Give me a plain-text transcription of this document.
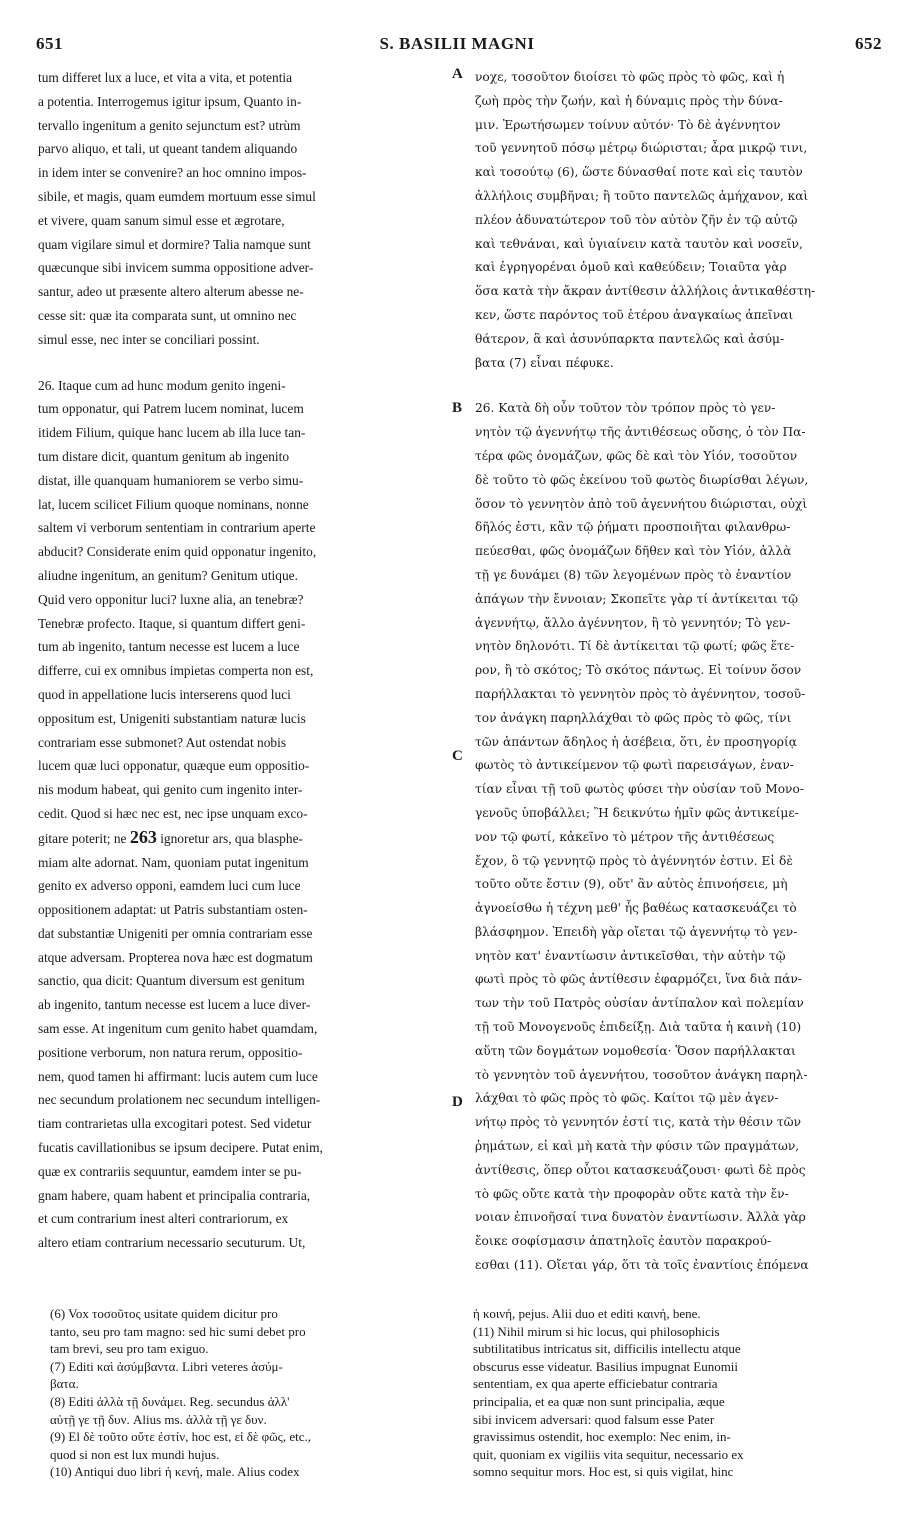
651	S. BASILII MAGNI	652
A
B
C
D

tum differet lux a luce, et vita a vita, et potentia

a potentia. Interrogemus igitur ipsum, Quanto in-

tervallo ingenitum a genito sejunctum est? utrùm

parvo aliquo, et tali, ut queant tandem aliquando

in idem inter se convenire? an hoc omnino impos-

sibile, et magis, quam eumdem mortuum esse simul

et vivere, quam sanum simul esse et ægrotare,

quam vigilare simul et dormire? Talia namque sunt

quæcunque sibi invicem summa oppositione adver-

santur, adeo ut præsente altero alterum abesse ne-

cesse sit: quæ ita comparata sunt, ut omnino nec

simul esse, nec inter se conciliari possint.

26. Itaque cum ad hunc modum genito ingeni-

tum opponatur, qui Patrem lucem nominat, lucem

itidem Filium, quique hanc lucem ab illa luce tan-

tum distare dicit, quantum genitum ab ingenito

distat, ille quanquam humaniorem se verbo simu-

lat, lucem scilicet Filium quoque nominans, nonne

saltem vi verborum sententiam in contrarium aperte

abducit? Considerate enim quid opponatur ingenito,

aliudne ingenitum, an genitum? Genitum utique.

Quid vero opponitur luci? luxne alia, an tenebræ?

Tenebræ profecto. Itaque, si quantum differt geni-

tum ab ingenito, tantum necesse est lucem a luce

differre, cui ex omnibus impietas comperta non est,

quod in appellatione lucis interserens quod luci

oppositum est, Unigeniti substantiam naturæ lucis

contrariam esse submonet? Aut ostendat nobis

lucem quæ luci opponatur, quæque eum oppositio-

nis modum habeat, qui genito cum ingenito inter-

cedit. Quod si hæc nec est, nec ipse unquam exco-

gitare poterit; ne 263 ignoretur ars, qua blasphe-

miam alte adornat. Nam, quoniam putat ingenitum

genito ex adverso opponi, eamdem luci cum luce

oppositionem adaptat: ut Patris substantiam osten-

dat substantiæ Unigeniti per omnia contrariam esse

atque adversam. Propterea nova hæc est dogmatum

sanctio, qua dicit: Quantum diversum est genitum

ab ingenito, tantum necesse est lucem a luce diver-

sam esse. At ingenitum cum genito habet quamdam,

positione verborum, non natura rerum, oppositio-

nem, quod tamen hi affirmant: lucis autem cum luce

nec secundum prolationem nec secundum intelligen-

tiam contrarietas ulla excogitari potest. Sed videtur

fucatis cavillationibus se ipsum decipere. Putat enim,

quæ ex contrariis sequuntur, eamdem inter se pu-

gnam habere, quam habent et principalia contraria,

et cum contrarium inest alteri contrariorum, ex

altero etiam contrarium necessario secuturum. Ut,

νοχε, τοσοῦτον διοίσει τὸ φῶς πρὸς τὸ φῶς, καὶ ἡ

ζωὴ πρὸς τὴν ζωήν, καὶ ἡ δύναμις πρὸς τὴν δύνα-

μιν. Ἐρωτήσωμεν τοίνυν αὐτόν· Τὸ δὲ ἀγέννητον

τοῦ γεννητοῦ πόσῳ μέτρῳ διώρισται; ἆρα μικρῷ τινι,

καὶ τοσούτῳ (6), ὥστε δύνασθαί ποτε καὶ εἰς ταυτὸν

ἀλλήλοις συμβῆναι; ἢ τοῦτο παντελῶς ἀμήχανον, καὶ

πλέον ἀδυνατώτερον τοῦ τὸν αὐτὸν ζῆν ἐν τῷ αὐτῷ

καὶ τεθνάναι, καὶ ὑγιαίνειν κατὰ ταυτὸν καὶ νοσεῖν,

καὶ ἐγρηγορέναι ὁμοῦ καὶ καθεύδειν; Τοιαῦτα γὰρ

ὅσα κατὰ τὴν ἄκραν ἀντίθεσιν ἀλλήλοις ἀντικαθέστη-

κεν, ὥστε παρόντος τοῦ ἑτέρου ἀναγκαίως ἀπεῖναι

θάτερον, ἃ καὶ ἀσυνύπαρκτα παντελῶς καὶ ἀσύμ-

βατα (7) εἶναι πέφυκε.

26. Κατὰ δὴ οὖν τοῦτον τὸν τρόπον πρὸς τὸ γεν-

νητὸν τῷ ἀγεννήτῳ τῆς ἀντιθέσεως οὔσης, ὁ τὸν Πα-

τέρα φῶς ὀνομάζων, φῶς δὲ καὶ τὸν Υἱόν, τοσοῦτον

δὲ τοῦτο τὸ φῶς ἐκείνου τοῦ φωτὸς διωρίσθαι λέγων,

ὅσον τὸ γεννητὸν ἀπὸ τοῦ ἀγεννήτου διώρισται, οὐχὶ

δῆλός ἐστι, κἂν τῷ ῥήματι προσποιῆται φιλανθρω-

πεύεσθαι, φῶς ὀνομάζων δῆθεν καὶ τὸν Υἱόν, ἀλλὰ

τῇ γε δυνάμει (8) τῶν λεγομένων πρὸς τὸ ἐναντίον

ἀπάγων τὴν ἔννοιαν; Σκοπεῖτε γὰρ τί ἀντίκειται τῷ

ἀγεννήτῳ, ἄλλο ἀγέννητον, ἢ τὸ γεννητόν; Τὸ γεν-

νητὸν δηλονότι. Τί δὲ ἀντίκειται τῷ φωτί; φῶς ἕτε-

ρον, ἢ τὸ σκότος; Τὸ σκότος πάντως. Εἰ τοίνυν ὅσον

παρήλλακται τὸ γεννητὸν πρὸς τὸ ἀγέννητον, τοσοῦ-

τον ἀνάγκη παρηλλάχθαι τὸ φῶς πρὸς τὸ φῶς, τίνι

τῶν ἁπάντων ἄδηλος ἡ ἀσέβεια, ὅτι, ἐν προσηγορίᾳ

φωτὸς τὸ ἀντικείμενον τῷ φωτὶ παρεισάγων, ἐναν-

τίαν εἶναι τῇ τοῦ φωτὸς φύσει τὴν οὐσίαν τοῦ Μονο-

γενοῦς ὑποβάλλει; Ἢ δεικνύτω ἡμῖν φῶς ἀντικείμε-

νον τῷ φωτί, κἀκεῖνο τὸ μέτρον τῆς ἀντιθέσεως

ἔχον, ὃ τῷ γεννητῷ πρὸς τὸ ἀγέννητόν ἐστιν. Εἰ δὲ

τοῦτο οὔτε ἔστιν (9), οὔτ' ἂν αὐτὸς ἐπινοήσειε, μὴ

ἀγνοείσθω ἡ τέχνη μεθ' ἧς βαθέως κατασκευάζει τὸ

βλάσφημον. Ἐπειδὴ γὰρ οἴεται τῷ ἀγεννήτῳ τὸ γεν-

νητὸν κατ' ἐναντίωσιν ἀντικεῖσθαι, τὴν αὐτὴν τῷ

φωτὶ πρὸς τὸ φῶς ἀντίθεσιν ἐφαρμόζει, ἵνα διὰ πάν-

των τὴν τοῦ Πατρὸς οὐσίαν ἀντίπαλον καὶ πολεμίαν

τῇ τοῦ Μονογενοῦς ἐπιδείξῃ. Διὰ ταῦτα ἡ καινὴ (10)

αὕτη τῶν δογμάτων νομοθεσία· Ὅσον παρήλλακται

τὸ γεννητὸν τοῦ ἀγεννήτου, τοσοῦτον ἀνάγκη παρηλ-

λάχθαι τὸ φῶς πρὸς τὸ φῶς. Καίτοι τῷ μὲν ἀγεν-

νήτῳ πρὸς τὸ γεννητόν ἐστί τις, κατὰ τὴν θέσιν τῶν

ῥημάτων, εἰ καὶ μὴ κατὰ τὴν φύσιν τῶν πραγμάτων,

ἀντίθεσις, ὅπερ οὗτοι κατασκευάζουσι· φωτὶ δὲ πρὸς

τὸ φῶς οὔτε κατὰ τὴν προφορὰν οὔτε κατὰ τὴν ἔν-

νοιαν ἐπινοῆσαί τινα δυνατὸν ἐναντίωσιν. Ἀλλὰ γὰρ

ἔοικε σοφίσμασιν ἀπατηλοῖς ἑαυτὸν παρακρού-

εσθαι (11). Οἴεται γάρ, ὅτι τὰ τοῖς ἐναντίοις ἑπόμενα

(6) Vox τοσοῦτος usitate quidem dicitur pro

tanto, seu pro tam magno: sed hic sumi debet pro

tam brevi, seu pro tam exiguo.

(7) Editi καὶ ἀσύμβαντα. Libri veteres ἀσύμ-

βατα.

(8) Editi ἀλλὰ τῇ δυνάμει. Reg. secundus ἀλλ'

αὐτῇ γε τῇ δυν. Alius ms. ἀλλὰ τῇ γε δυν.

(9) El δὲ τοῦτο οὔτε ἐστίν, hoc est, εἰ δὲ φῶς, etc.,

quod si non est lux mundi hujus.

(10) Antiqui duo libri ἡ κενή, male. Alius codex

ἡ κοινή, pejus. Alii duo et editi καινή, bene.

(11) Nihil mirum si hic locus, qui philosophicis

subtilitatibus intricatus sit, difficilis intellectu atque

obscurus esse videatur. Basilius impugnat Eunomii

sententiam, ex qua aperte efficiebatur contraria

principalia, et ea quæ non sunt principalia, æque

sibi invicem adversari: quod falsum esse Pater

gravissimus ostendit, hoc exemplo: Nec enim, in-

quit, quoniam ex vigiliis vita sequitur, necessario ex

somno sequitur mors. Hoc est, si quis vigilat, hinc
